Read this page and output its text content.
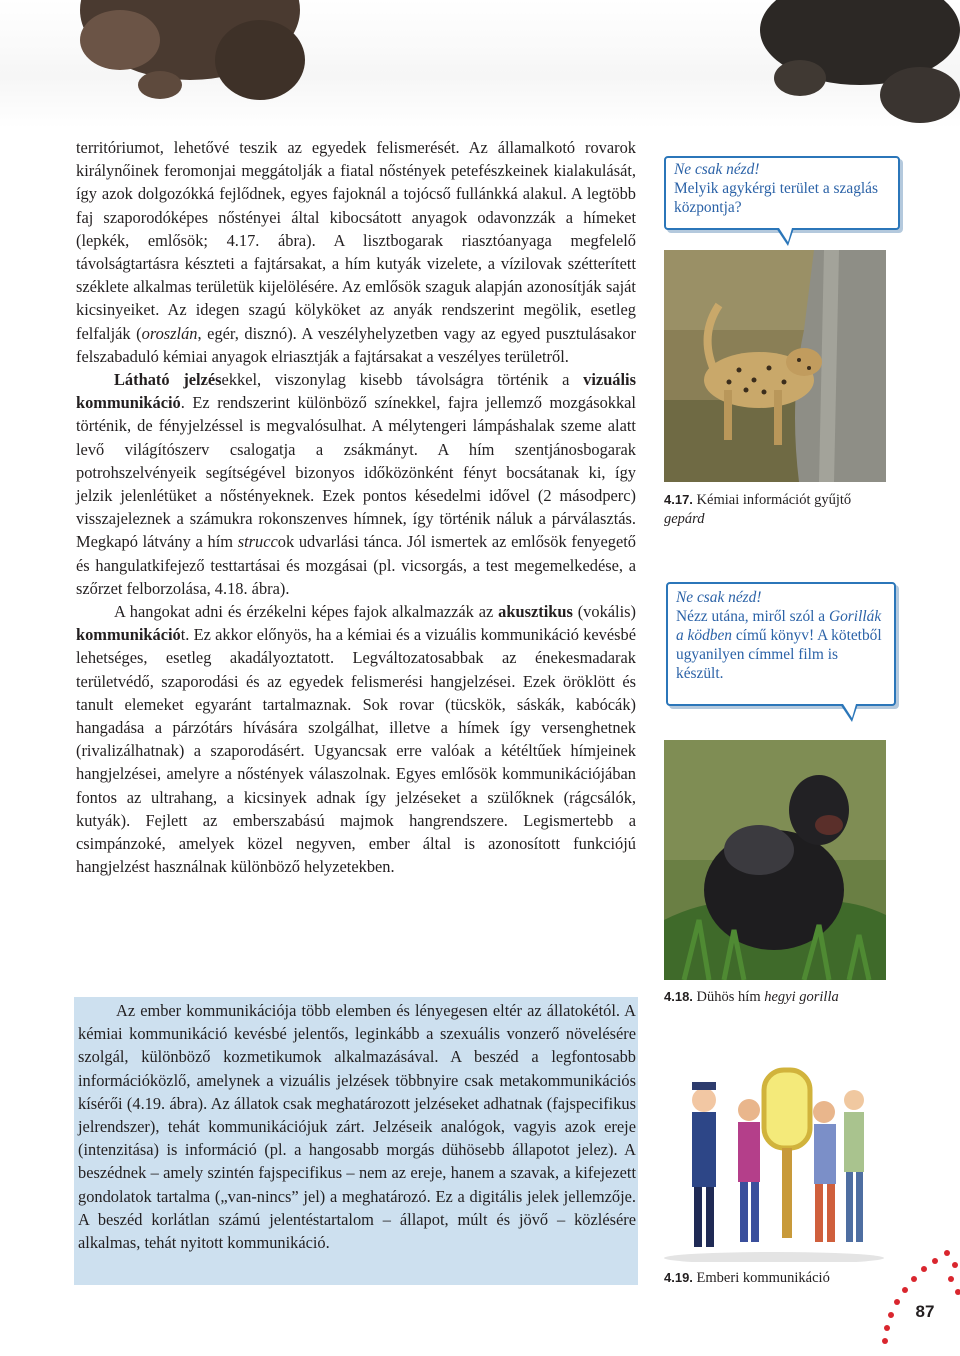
territóriumot, lehetővé teszik az egyedek felismerését. Az államalkotó rovarok királynőinek feromonjai meggátolják a fiatal nőstények petefészkeinek kialakulását, így azok dolgozókká fejlődnek, egyes fajoknál a tojócső fullánkká alakul. A legtöbb faj szaporodóképes nőstényei által kibocsátott anyagok odavonzzák a hímeket (lepkék, emlősök; 4.17. ábra). A lisztbogarak riasztóanyaga megfelelő távolságtartásra készteti a fajtársakat, a hím kutyák vizelete, a vízilovak szétterített széklete alkalmas területük kijelölésére. Az emlősök szaguk alapján azonosítják saját kicsinyeiket. Az idegen szagú kölyköket az anyák rendszerint megölik, esetleg felfalják (oroszlán, egér, disznó). A veszélyhelyzetben vagy az egyed pusztulásakor felszabaduló kémiai anyagok elriasztják a fajtársakat a veszélyes területről.

Látható jelzésekkel, viszonylag kisebb távolságra történik a vizuális kommunikáció. Ez rendszerint különböző színekkel, fajra jellemző mozgásokkal történik, de fényjelzéssel is megvalósulhat. A mélytengeri lámpáshalak szeme alatt levő világítószerv csalogatja a zsákmányt. A hím szentjánosbogarak potrohszelvényeik segítségével bizonyos időközönként fényt bocsátanak ki, így jelzik jelenlétüket a nőstényeknek. Ezek pontos késedelmi idővel (2 másodperc) visszajeleznek a számukra rokonszenves hímnek, így történik náluk a párválasztás. Megkapó látvány a hím struccok udvarlási tánca. Jól ismertek az emlősök fenyegető és hangulatkifejező testtartásai és mozgásai (pl. vicsorgás, a test megemelkedése, a szőrzet felborzolása, 4.18. ábra).

A hangokat adni és érzékelni képes fajok alkalmazzák az akusztikus (vokális) kommunikációt. Ez akkor előnyös, ha a kémiai és a vizuális kommunikáció kevésbé lehetséges, esetleg akadályoztatott. Legváltozatosabbak az énekesmadarak területvédő, szaporodási és az egyedek felismerési hangjelzései. Ezek öröklött és tanult elemeket egyaránt tartalmaznak. Sok rovar (tücskök, sáskák, kabócák) hangadása a párzótárs hívására szolgálhat, illetve a hímek így versenghetnek (rivalizálhatnak) a szaporodásért. Ugyancsak erre valóak a kétéltűek hímjeinek hangjelzései, amelyre a nőstények válaszolnak. Egyes emlősök kommunikációjában fontos az ultrahang, a kicsinyek adnak így jelzéseket a szülőknek (rágcsálók, kutyák). Fejlett az emberszabású majmok hangrendszere. Legismertebb a csimpánzoké, amelyek közel negyven, ember által is azonosított funkciójú hangjelzést használnak különböző helyzetekben.

Az ember kommunikációja több elemben és lényegesen eltér az állatokétól. A kémiai kommunikáció kevésbé jelentős, leginkább a szexuális vonzerő növelésére szolgál, különböző kozmetikumok alkalmazásával. A beszéd a legfontosabb információközlő, amelynek a vizuális jelzések többnyire csak metakommunikációs kísérői (4.19. ábra). Az állatok csak meghatározott jelzéseket adhatnak (fajspecifikus jelrendszer), tehát kommunikációjuk zárt. Jelzéseik analógok, vagyis azok ereje (intenzitása) is információ (pl. a hangosabb morgás dühösebb állapotot jelez). A beszédnek – amely szintén fajspecifikus – nem az ereje, hanem a szavak, a kifejezett gondolatok tartalma („van-nincs” jel) a meghatározó. Ez a digitális jelek jellemzője. A beszéd korlátlan számú jelentéstartalom – állapot, múlt és jövő – közlésére alkalmas, tehát nyitott kommunikáció.

Ne csak nézd!
Melyik agykérgi terület a szaglás központja?
4.17. Kémiai információt gyűjtő
gepárd
Ne csak nézd!
Nézz utána, miről szól a Gorillák a ködben című könyv! A kötetből ugyanilyen címmel film is készült.
4.18. Dühös hím hegyi gorilla
4.19. Emberi kommunikáció
87
